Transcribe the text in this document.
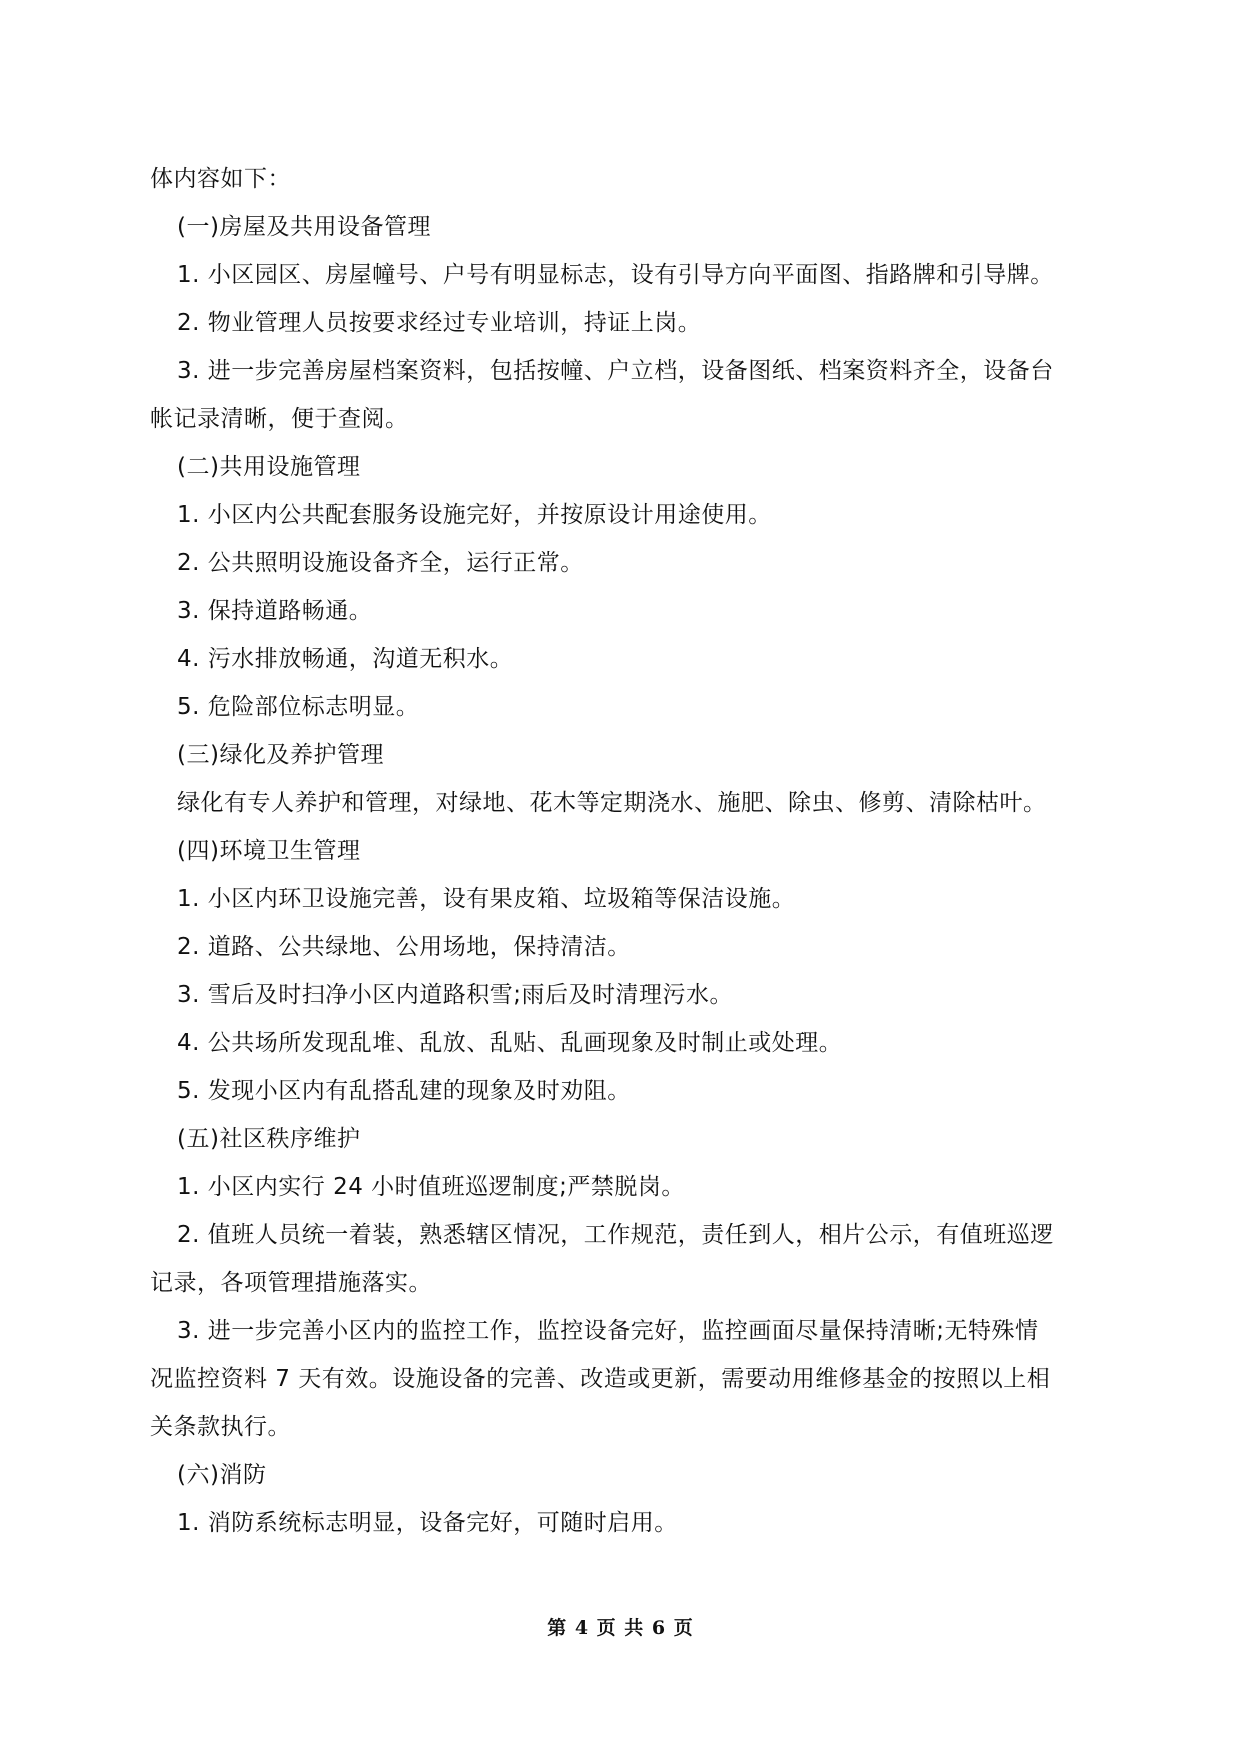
体内容如下：
(一)房屋及共用设备管理
1. 小区园区、房屋幢号、户号有明显标志，设有引导方向平面图、指路牌和引导牌。
2. 物业管理人员按要求经过专业培训，持证上岗。
3. 进一步完善房屋档案资料，包括按幢、户立档，设备图纸、档案资料齐全，设备台
帐记录清晰，便于查阅。
(二)共用设施管理
1. 小区内公共配套服务设施完好，并按原设计用途使用。
2. 公共照明设施设备齐全，运行正常。
3. 保持道路畅通。
4. 污水排放畅通，沟道无积水。
5. 危险部位标志明显。
(三)绿化及养护管理
绿化有专人养护和管理，对绿地、花木等定期浇水、施肥、除虫、修剪、清除枯叶。
(四)环境卫生管理
1. 小区内环卫设施完善，设有果皮箱、垃圾箱等保洁设施。
2. 道路、公共绿地、公用场地，保持清洁。
3. 雪后及时扫净小区内道路积雪;雨后及时清理污水。
4. 公共场所发现乱堆、乱放、乱贴、乱画现象及时制止或处理。
5. 发现小区内有乱搭乱建的现象及时劝阻。
(五)社区秩序维护
1. 小区内实行 24 小时值班巡逻制度;严禁脱岗。
2. 值班人员统一着装，熟悉辖区情况，工作规范，责任到人，相片公示，有值班巡逻
记录，各项管理措施落实。
3. 进一步完善小区内的监控工作，监控设备完好，监控画面尽量保持清晰;无特殊情
况监控资料 7 天有效。设施设备的完善、改造或更新，需要动用维修基金的按照以上相
关条款执行。
(六)消防
1. 消防系统标志明显，设备完好，可随时启用。
第 4 页 共 6 页
